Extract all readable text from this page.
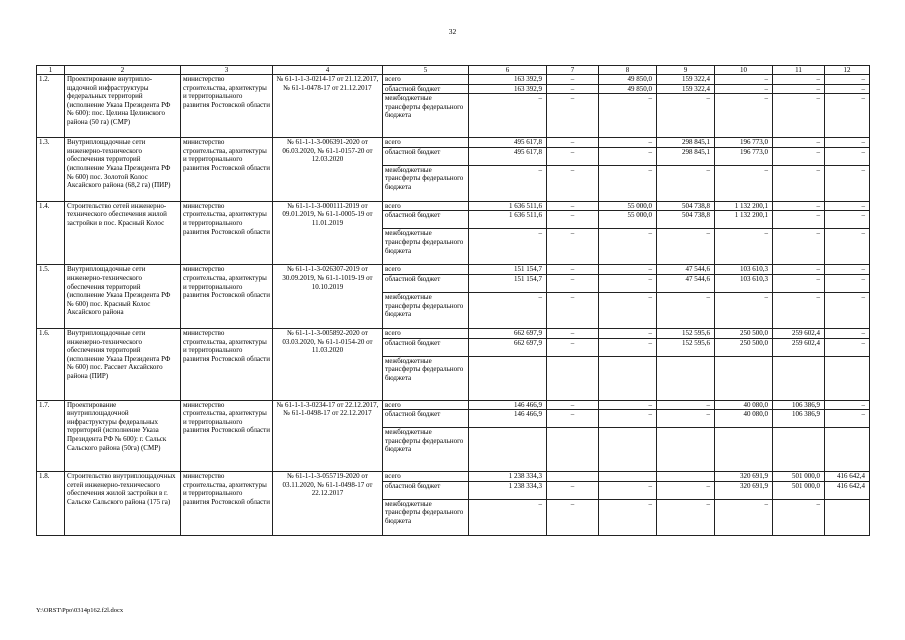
32
1	2	3	4	5	6	7	8	9	10	11	12
1.2.	Проектирование внутрипло-щадочной инфраструктуры федеральных территорий (исполнение Указа Президента РФ № 600): пос. Целина Целинского района (50 га) (СМР)	министерство строительства, архитектуры и территориального развития Ростовской области	№ 61-1-1-3-0214-17 от 21.12.2017, № 61-1-0478-17 от 21.12.2017	всего	163 392,9	–	49 850,0	159 322,4	–	–	–
				областной бюджет	163 392,9	–	49 850,0	159 322,4	–	–	–
				межбюджетные трансферты федерального бюджета	–	–	–	–	–	–	–
1.3.	Внутриплощадочные сети инженерно-технического обеспечения территорий (исполнение Указа Президента РФ № 600) пос. Золотой Колос Аксайского района (68,2 га) (ПИР)	министерство строительства, архитектуры и территориального развития Ростовской области	№ 61-1-1-3-006391-2020 от 06.03.2020, № 61-1-0157-20 от 12.03.2020	всего	495 617,8	–	–	298 845,1	196 773,0	–	–
				областной бюджет	495 617,8	–	–	298 845,1	196 773,0	–	–
				межбюджетные трансферты федерального бюджета	–	–	–	–	–	–	–
1.4.	Строительство сетей инженерно-технического обеспечения жилой застройки в пос. Красный Колос	министерство строительства, архитектуры и территориального развития Ростовской области	№ 61-1-1-3-000111-2019 от 09.01.2019, № 61-1-0005-19 от 11.01.2019	всего	1 636 511,6	–	55 000,0	504 738,8	1 132 200,1	–	–
				областной бюджет	1 636 511,6	–	55 000,0	504 738,8	1 132 200,1	–	–
				межбюджетные трансферты федерального бюджета	–	–	–	–	–	–	–
1.5.	Внутриплощадочные сети инженерно-технического обеспечения территорий (исполнение Указа Президента РФ № 600) пос. Красный Колос Аксайского района	министерство строительства, архитектуры и территориального развития Ростовской области	№ 61-1-1-3-026307-2019 от 30.09.2019, № 61-1-1019-19 от 10.10.2019	всего	151 154,7	–	–	47 544,6	103 610,3	–	–
				областной бюджет	151 154,7	–	–	47 544,6	103 610,3	–	–
				межбюджетные трансферты федерального бюджета	–	–	–	–	–	–	–
1.6.	Внутриплощадочные сети инженерно-технического обеспечения территорий (исполнение Указа Президента РФ № 600) пос. Рассвет Аксайского района (ПИР)	министерство строительства, архитектуры и территориального развития Ростовской области	№ 61-1-1-3-005892-2020 от 03.03.2020, № 61-1-0154-20 от 11.03.2020	всего	662 697,9	–	–	152 595,6	250 500,0	259 602,4	–
				областной бюджет	662 697,9	–	–	152 595,6	250 500,0	259 602,4	–
				межбюджетные трансферты федерального бюджета							
1.7.	Проектирование внутриплощадочной инфраструктуры федеральных территорий (исполнение Указа Президента РФ № 600): г. Сальск Сальского района (50га) (СМР)	министерство строительства, архитектуры и территориального развития Ростовской области	№ 61-1-1-3-0234-17 от 22.12.2017, № 61-1-0498-17 от 22.12.2017	всего	146 466,9	–	–	–	40 080,0	106 386,9	–
				областной бюджет	146 466,9	–	–	–	40 080,0	106 386,9	–
				межбюджетные трансферты федерального бюджета							
1.8.	Строительство внутриплощадочных сетей инженерно-технического обеспечения жилой застройки в г. Сальске Сальского района (175 га)	министерство строительства, архитектуры и территориального развития Ростовской области	№ 61-1-1-3-055719-2020 от 03.11.2020, № 61-1-0498-17 от 22.12.2017	всего	1 238 334,3				320 691,9	501 000,0	416 642,4
				областной бюджет	1 238 334,3	–	–	–	320 691,9	501 000,0	416 642,4
				межбюджетные трансферты федерального бюджета	–	–	–	–	–	–	
Y:\ORST\Ppo\0314p162.f2l.docx
